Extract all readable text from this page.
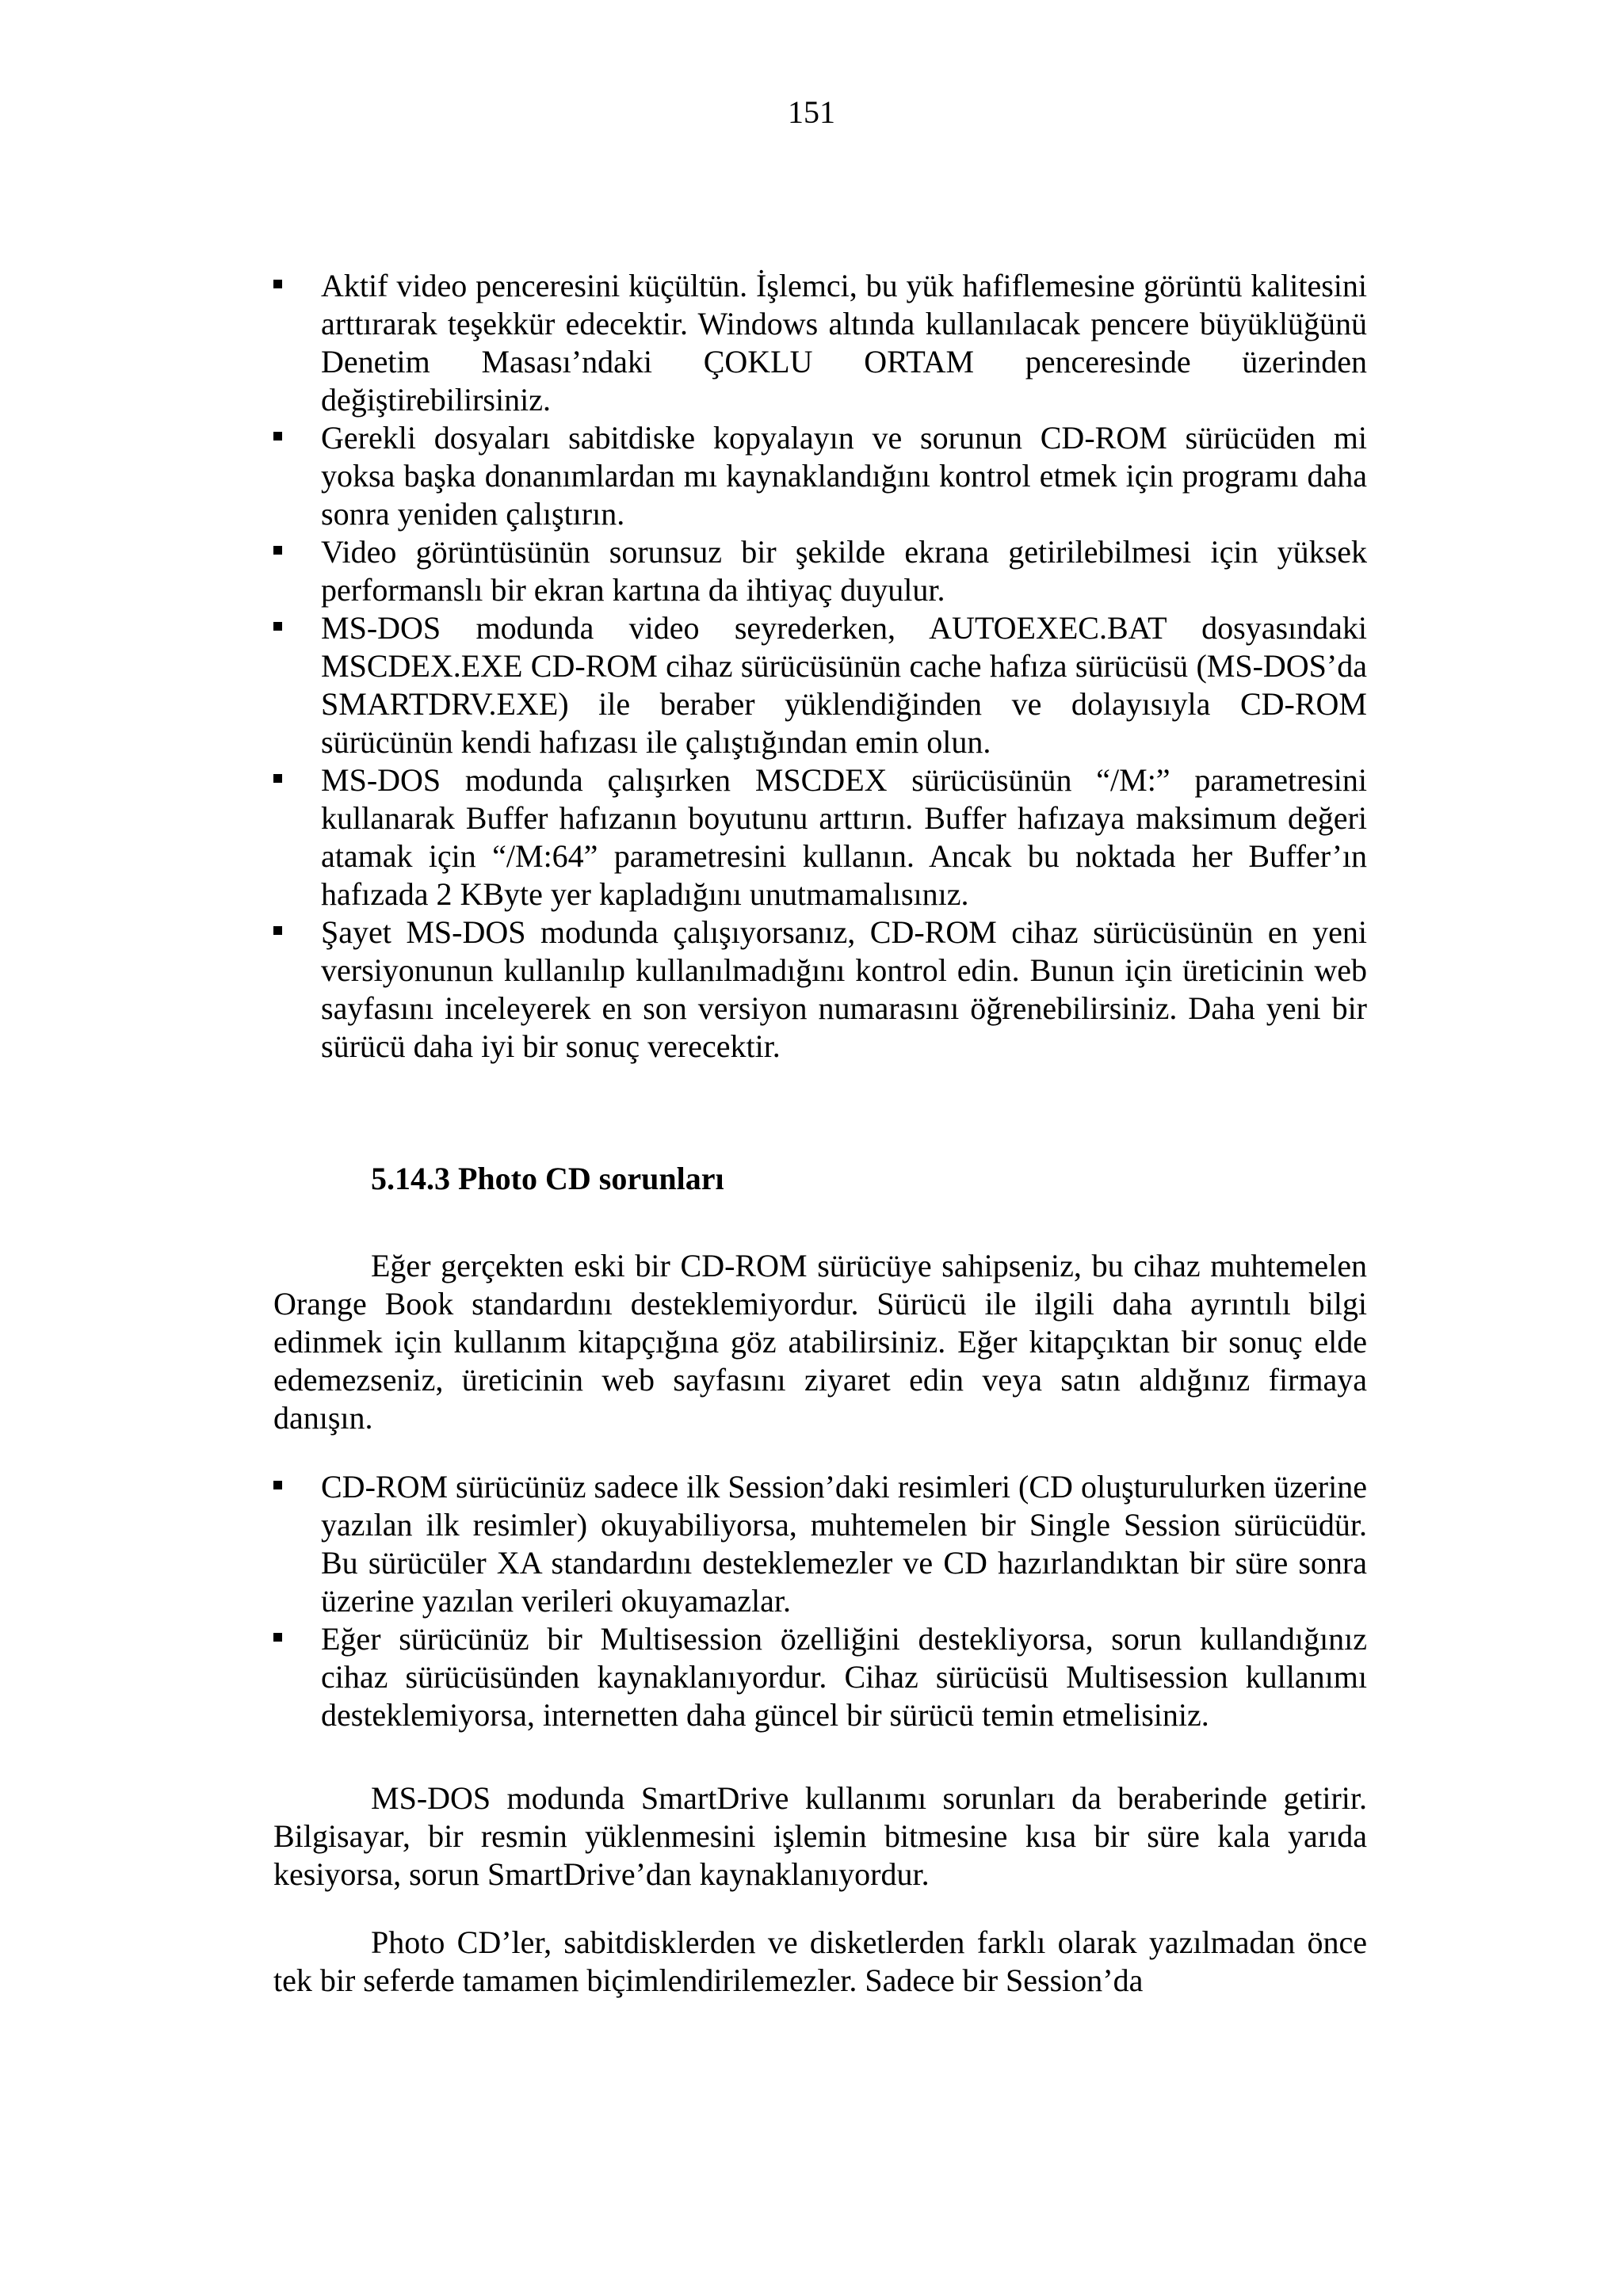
151
Aktif video penceresini küçültün. İşlemci, bu yük hafiflemesine görüntü kalitesini arttırarak teşekkür edecektir. Windows altında kullanılacak pencere büyüklüğünü Denetim Masası’ndaki ÇOKLU ORTAM penceresinde üzerinden değiştirebilirsiniz.
Gerekli dosyaları sabitdiske kopyalayın ve sorunun CD-ROM sürücüden mi yoksa başka donanımlardan mı kaynaklandığını kontrol etmek için programı daha sonra yeniden çalıştırın.
Video görüntüsünün sorunsuz bir şekilde ekrana getirilebilmesi için yüksek performanslı bir ekran kartına da ihtiyaç duyulur.
MS-DOS modunda video seyrederken, AUTOEXEC.BAT dosyasındaki MSCDEX.EXE CD-ROM cihaz sürücüsünün cache hafıza sürücüsü (MS-DOS’da SMARTDRV.EXE) ile beraber yüklendiğinden ve dolayısıyla CD-ROM sürücünün kendi hafızası ile çalıştığından emin olun.
MS-DOS modunda çalışırken MSCDEX sürücüsünün “/M:” parametresini kullanarak Buffer hafızanın boyutunu arttırın. Buffer hafızaya maksimum değeri atamak için “/M:64” parametresini kullanın. Ancak bu noktada her Buffer’ın hafızada 2 KByte yer kapladığını unutmamalısınız.
Şayet MS-DOS modunda çalışıyorsanız, CD-ROM cihaz sürücüsünün en yeni versiyonunun kullanılıp kullanılmadığını kontrol edin. Bunun için üreticinin web sayfasını inceleyerek en son versiyon numarasını öğrenebilirsiniz. Daha yeni bir sürücü daha iyi bir sonuç verecektir.
5.14.3 Photo CD sorunları

Eğer gerçekten eski bir CD-ROM sürücüye sahipseniz, bu cihaz muhtemelen Orange Book standardını desteklemiyordur. Sürücü ile ilgili daha ayrıntılı bilgi edinmek için kullanım kitapçığına göz atabilirsiniz. Eğer kitapçıktan bir sonuç elde edemezseniz, üreticinin web sayfasını ziyaret edin veya satın aldığınız firmaya danışın.

CD-ROM sürücünüz sadece ilk Session’daki resimleri (CD oluşturulurken üzerine yazılan ilk resimler) okuyabiliyorsa, muhtemelen bir Single Session sürücüdür. Bu sürücüler XA standardını desteklemezler ve CD hazırlandıktan bir süre sonra üzerine yazılan verileri okuyamazlar.
Eğer sürücünüz bir Multisession özelliğini destekliyorsa, sorun kullandığınız cihaz sürücüsünden kaynaklanıyordur. Cihaz sürücüsü Multisession kullanımı desteklemiyorsa, internetten daha güncel bir sürücü temin etmelisiniz.

MS-DOS modunda SmartDrive kullanımı sorunları da beraberinde getirir. Bilgisayar, bir resmin yüklenmesini işlemin bitmesine kısa bir süre kala yarıda kesiyorsa, sorun SmartDrive’dan kaynaklanıyordur.

Photo CD’ler, sabitdisklerden ve disketlerden farklı olarak yazılmadan önce tek bir seferde tamamen biçimlendirilemezler. Sadece bir Session’da
